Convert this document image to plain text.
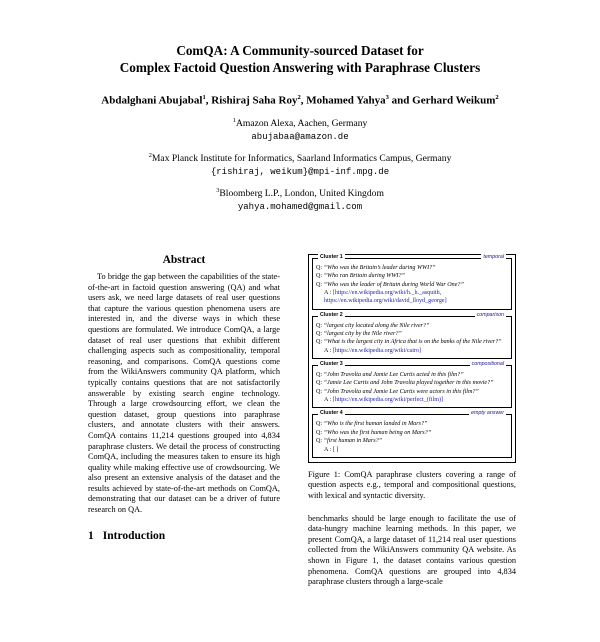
ComQA: A Community-sourced Dataset for
Complex Factoid Question Answering with Paraphrase Clusters
Abdalghani Abujabal$^1$, Rishiraj Saha Roy$^2$, Mohamed Yahya$^3$ and Gerhard Weikum$^2$
$^1$Amazon Alexa, Aachen, Germany
abujabaa@amazon.de
$^2$Max Planck Institute for Informatics, Saarland Informatics Campus, Germany
{rishiraj, weikum}@mpi-inf.mpg.de
$^3$Bloomberg L.P., London, United Kingdom
yahya.mohamed@gmail.com
Abstract

To bridge the gap between the capabilities of the state-of-the-art in factoid question answering (QA) and what users ask, we need large datasets of real user questions that capture the various question phenomena users are interested in, and the diverse ways in which these questions are formulated. We introduce ComQA, a large dataset of real user questions that exhibit different challenging aspects such as compositionality, temporal reasoning, and comparisons. ComQA questions come from the WikiAnswers community QA platform, which typically contains questions that are not satisfactorily answerable by existing search engine technology. Through a large crowdsourcing effort, we clean the question dataset, group questions into paraphrase clusters, and annotate clusters with their answers. ComQA contains 11,214 questions grouped into 4,834 paraphrase clusters. We detail the process of constructing ComQA, including the measures taken to ensure its high quality while making effective use of crowdsourcing. We also present an extensive analysis of the dataset and the results achieved by state-of-the-art methods on ComQA, demonstrating that our dataset can be a driver of future research on QA.

1 Introduction
Cluster 1	temporal
Q: “Who was the Britain’s leader during WWI?”
Q: “Who ran Britain during WWI?”
Q: “Who was the leader of Britain during World War One?”
A : [https://en.wikipedia.org/wiki/h._h._asquith,
https://en.wikipedia.org/wiki/david_lloyd_george]
Cluster 2	comparison
Q: “largest city located along the Nile river?”
Q: “largest city by the Nile river?”
Q: “What is the largest city in Africa that is on the banks of the Nile river?”
A : [https://en.wikipedia.org/wiki/cairo]
Cluster 3	compositional
Q: “John Travolta and Jamie Lee Curtis acted in this film?”
Q: “Jamie Lee Curtis and John Travolta played together in this movie?”
Q: “John Travolta and Jamie Lee Curtis were actors in this film?”
A : [https://en.wikipedia.org/wiki/perfect_(film)]
Cluster 4	empty answer
Q: “Who is the first human landed in Mars?”
Q: “Who was the first human being on Mars?”
Q: “first human in Mars?”
A : [ ]
Figure 1: ComQA paraphrase clusters covering a range of question aspects e.g., temporal and compositional questions, with lexical and syntactic diversity.

benchmarks should be large enough to facilitate the use of data-hungry machine learning methods. In this paper, we present ComQA, a large dataset of 11,214 real user questions collected from the WikiAnswers community QA website. As shown in Figure 1, the dataset contains various question phenomena. ComQA questions are grouped into 4,834 paraphrase clusters through a large-scale
